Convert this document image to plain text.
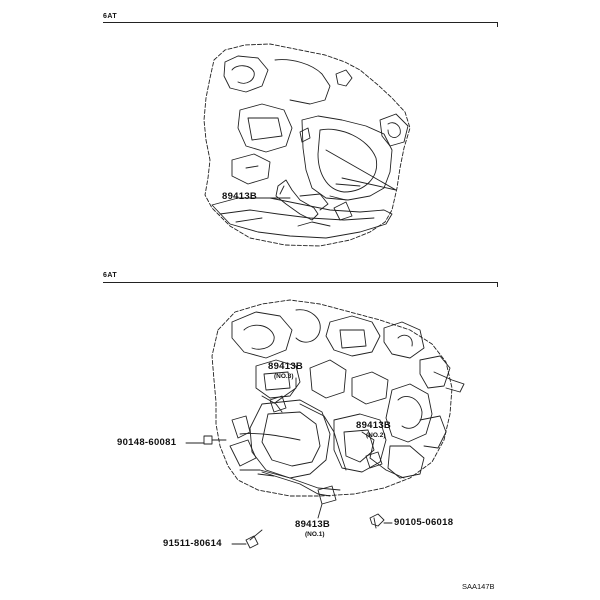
6AT
6AT
89413B
89413B
(NO.3)
89413B
(NO.2)
89413B
(NO.1)
90148-60081
90105-06018
91511-80614
SAA147B
